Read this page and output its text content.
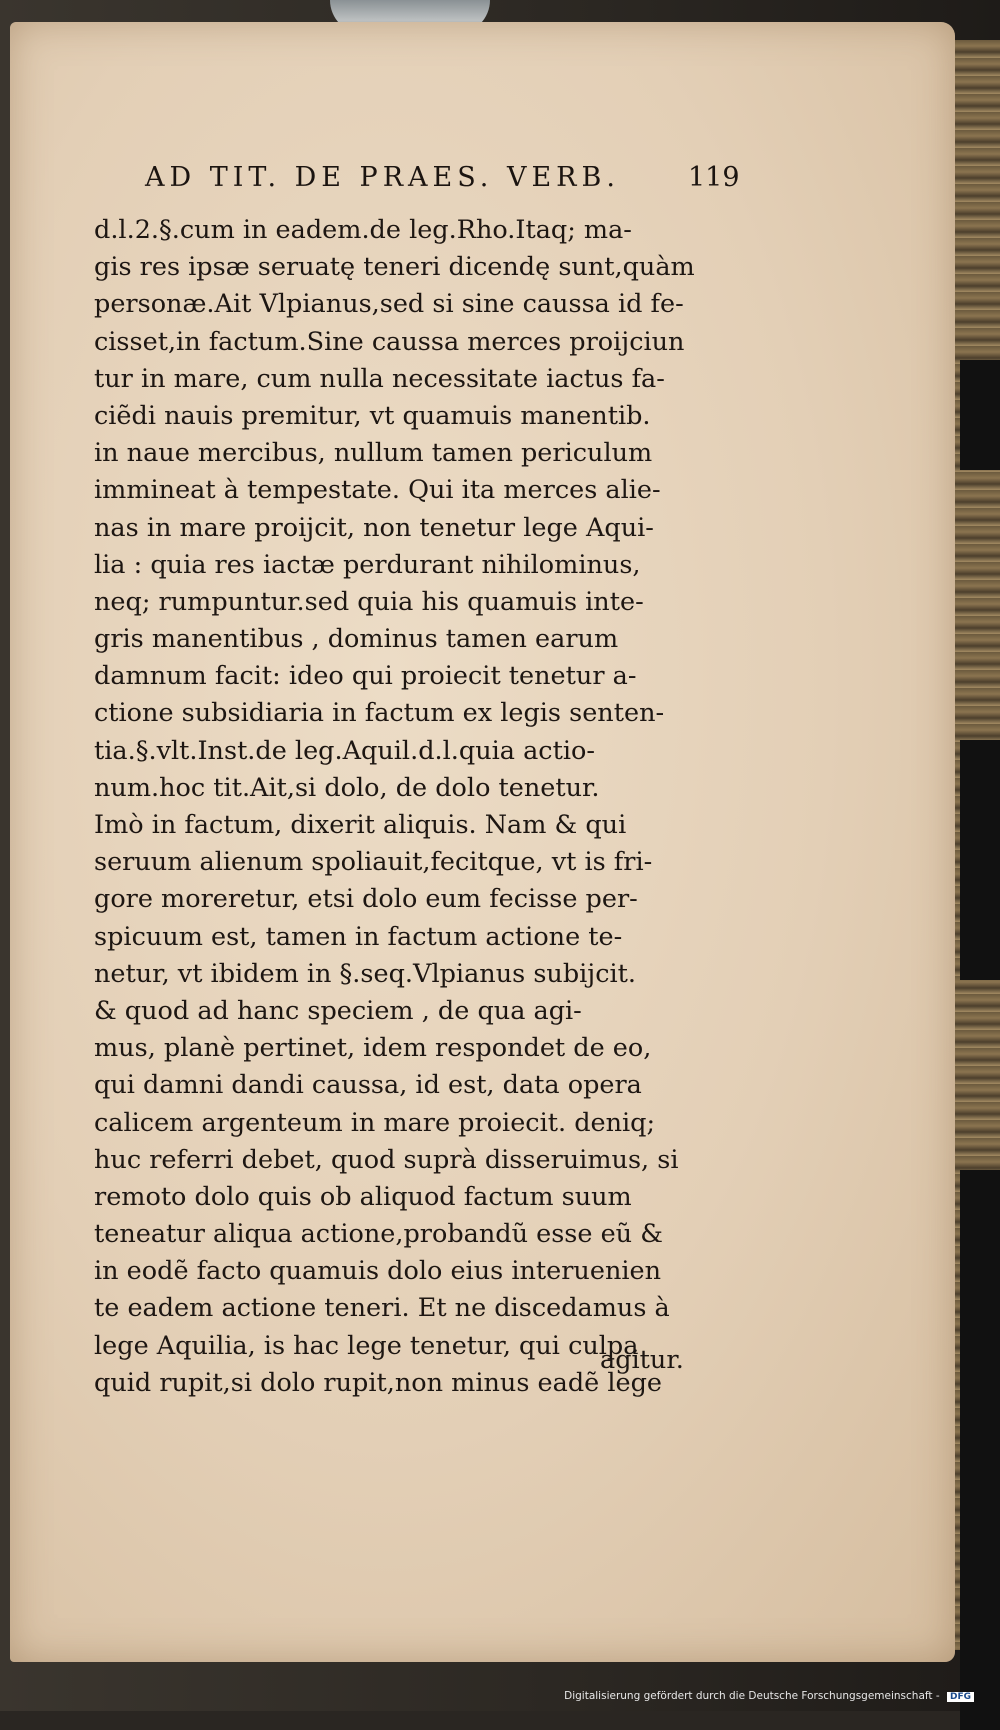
AD TIT. DE PRAES. VERB.	119
d.l.2.§.cum in eadem.de leg.Rho.Itaq; ma-
gis res ipsæ seruatę teneri dicendę sunt,quàm
personæ.Ait Vlpianus,sed si sine caussa id fe-
cisset,in factum.Sine caussa merces proijciun
tur in mare, cum nulla necessitate iactus fa-
ciẽdi nauis premitur, vt quamuis manentib.
in naue mercibus, nullum tamen periculum
immineat à tempestate. Qui ita merces alie-
nas in mare proijcit, non tenetur lege Aqui-
lia : quia res iactæ perdurant nihilominus,
neq; rumpuntur.sed quia his quamuis inte-
gris manentibus , dominus tamen earum
damnum facit: ideo qui proiecit tenetur a-
ctione subsidiaria in factum ex legis senten-
tia.§.vlt.Inst.de leg.Aquil.d.l.quia actio-
num.hoc tit.Ait,si dolo, de dolo tenetur.
Imò in factum, dixerit aliquis. Nam & qui
seruum alienum spoliauit,fecitque, vt is fri-
gore moreretur, etsi dolo eum fecisse per-
spicuum est, tamen in factum actione te-
netur, vt ibidem in §.seq.Vlpianus subijcit.
& quod ad hanc speciem , de qua agi-
mus, planè pertinet, idem respondet de eo,
qui damni dandi caussa, id est, data opera
calicem argenteum in mare proiecit. deniq;
huc referri debet, quod suprà disseruimus, si
remoto dolo quis ob aliquod factum suum
teneatur aliqua actione,probandũ esse eũ &
in eodẽ facto quamuis dolo eius interuenien
te eadem actione teneri. Et ne discedamus à
lege Aquilia, is hac lege tenetur, qui culpa
quid rupit,si dolo rupit,non minus eadẽ lege
agitur.
Digitalisierung gefördert durch die Deutsche Forschungsgemeinschaft - DFG
